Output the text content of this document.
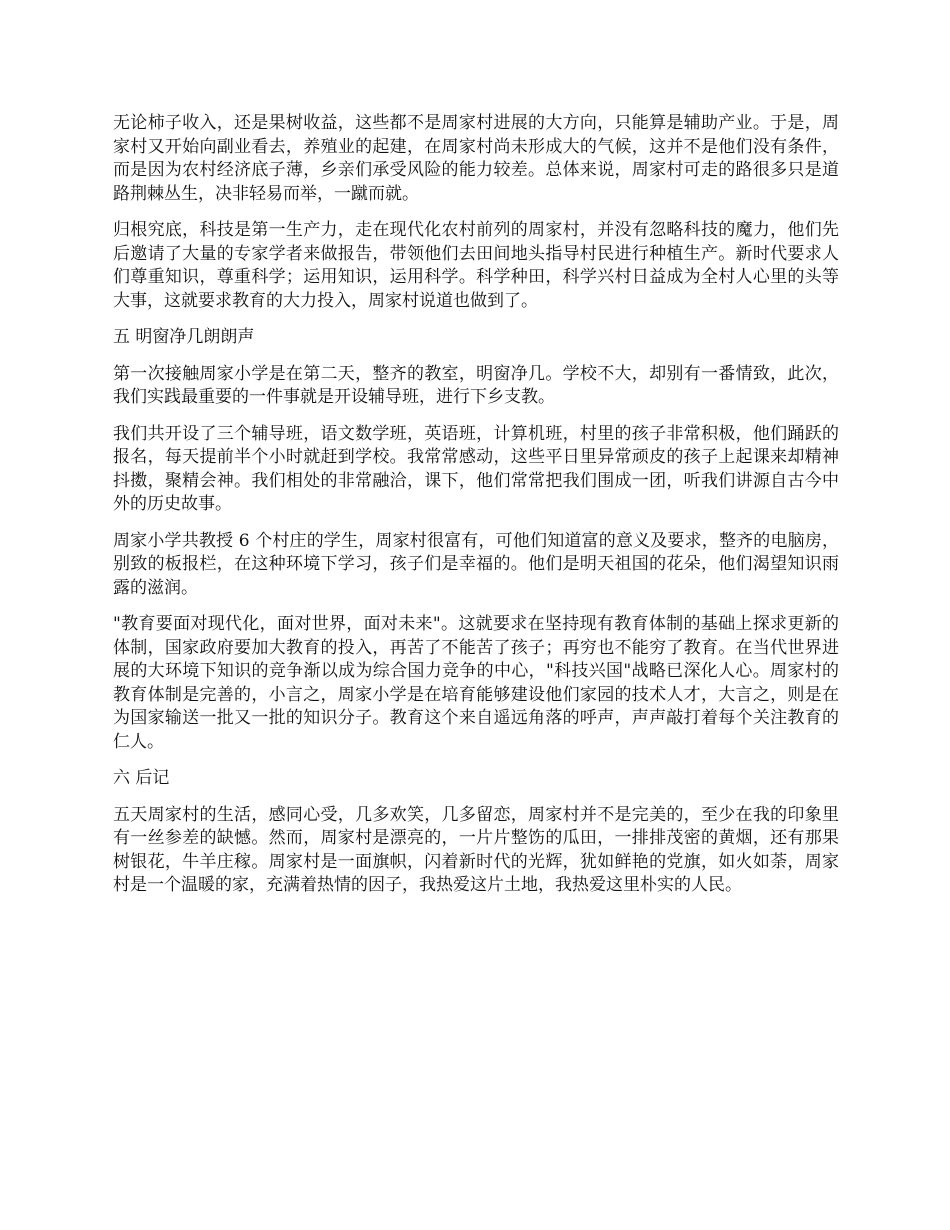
无论柿子收入，还是果树收益，这些都不是周家村进展的大方向，只能算是辅助产业。于是，周家村又开始向副业看去，养殖业的起建，在周家村尚未形成大的气候，这并不是他们没有条件，而是因为农村经济底子薄，乡亲们承受风险的能力较差。总体来说，周家村可走的路很多只是道路荆棘丛生，决非轻易而举，一蹴而就。

归根究底，科技是第一生产力，走在现代化农村前列的周家村，并没有忽略科技的魔力，他们先后邀请了大量的专家学者来做报告，带领他们去田间地头指导村民进行种植生产。新时代要求人们尊重知识，尊重科学；运用知识，运用科学。科学种田，科学兴村日益成为全村人心里的头等大事，这就要求教育的大力投入，周家村说道也做到了。

五 明窗净几朗朗声

第一次接触周家小学是在第二天，整齐的教室，明窗净几。学校不大，却别有一番情致，此次，我们实践最重要的一件事就是开设辅导班，进行下乡支教。

我们共开设了三个辅导班，语文数学班，英语班，计算机班，村里的孩子非常积极，他们踊跃的报名，每天提前半个小时就赶到学校。我常常感动，这些平日里异常顽皮的孩子上起课来却精神抖擞，聚精会神。我们相处的非常融洽，课下，他们常常把我们围成一团，听我们讲源自古今中外的历史故事。

周家小学共教授 6 个村庄的学生，周家村很富有，可他们知道富的意义及要求，整齐的电脑房，别致的板报栏，在这种环境下学习，孩子们是幸福的。他们是明天祖国的花朵，他们渴望知识雨露的滋润。

"教育要面对现代化，面对世界，面对未来"。这就要求在坚持现有教育体制的基础上探求更新的体制，国家政府要加大教育的投入，再苦了不能苦了孩子；再穷也不能穷了教育。在当代世界进展的大环境下知识的竞争渐以成为综合国力竞争的中心，"科技兴国"战略已深化人心。周家村的教育体制是完善的，小言之，周家小学是在培育能够建设他们家园的技术人才，大言之，则是在为国家输送一批又一批的知识分子。教育这个来自遥远角落的呼声，声声敲打着每个关注教育的仁人。

六 后记

五天周家村的生活，感同心受，几多欢笑，几多留恋，周家村并不是完美的，至少在我的印象里有一丝参差的缺憾。然而，周家村是漂亮的，一片片整饬的瓜田，一排排茂密的黄烟，还有那果树银花，牛羊庄稼。周家村是一面旗帜，闪着新时代的光辉，犹如鲜艳的党旗，如火如荼，周家村是一个温暖的家，充满着热情的因子，我热爱这片土地，我热爱这里朴实的人民。
